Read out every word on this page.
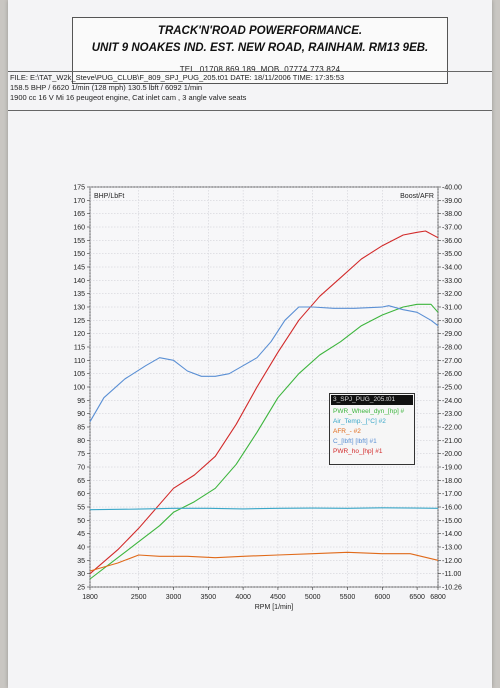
TRACK'N'ROAD POWERFORMANCE.
UNIT 9 NOAKES IND. EST. NEW ROAD, RAINHAM. RM13 9EB.
TEL. 01708 869 189. MOB. 07774 773 824
FILE: E:\TAT_W2k_Steve\PUG_CLUB\F_809_SPJ_PUG_205.t01 DATE: 18/11/2006 TIME: 17:35:53
158.5 BHP / 6620 1/min (128 mph) 130.5 lbft / 6092 1/min
1900 cc 16 V Mi 16 peugeot engine, Cat inlet cam , 3 angle valve seats
25	-10.26
30	-11.00
35	-12.00
40	-13.00
45	-14.00
50	-15.00
55	-16.00
60	-17.00
65	-18.00
70	-19.00
75	-20.00
80	-21.00
85	-22.00
90	-23.00
95	-24.00
100	-25.00
105	-26.00
110	-27.00
115	-28.00
120	-29.00
125	-30.00
130	-31.00
135	-32.00
140	-33.00
145	-34.00
150	-35.00
155	-36.00
160	-37.00
165	-38.00
170	-39.00
175	-40.00
1800	2500	3000	3500	4000	4500	5000	5500	6000	6500 6800
BHP/LbFt	Boost/AFR
RPM [1/min]
3_SPJ_PUG_205.t01
PWR_Wheel_dyn_[hp] #
Air_Temp._[°C] #2
AFR_- #2
C_[lbft] [lbft] #1
PWR_ho_[hp] #1
